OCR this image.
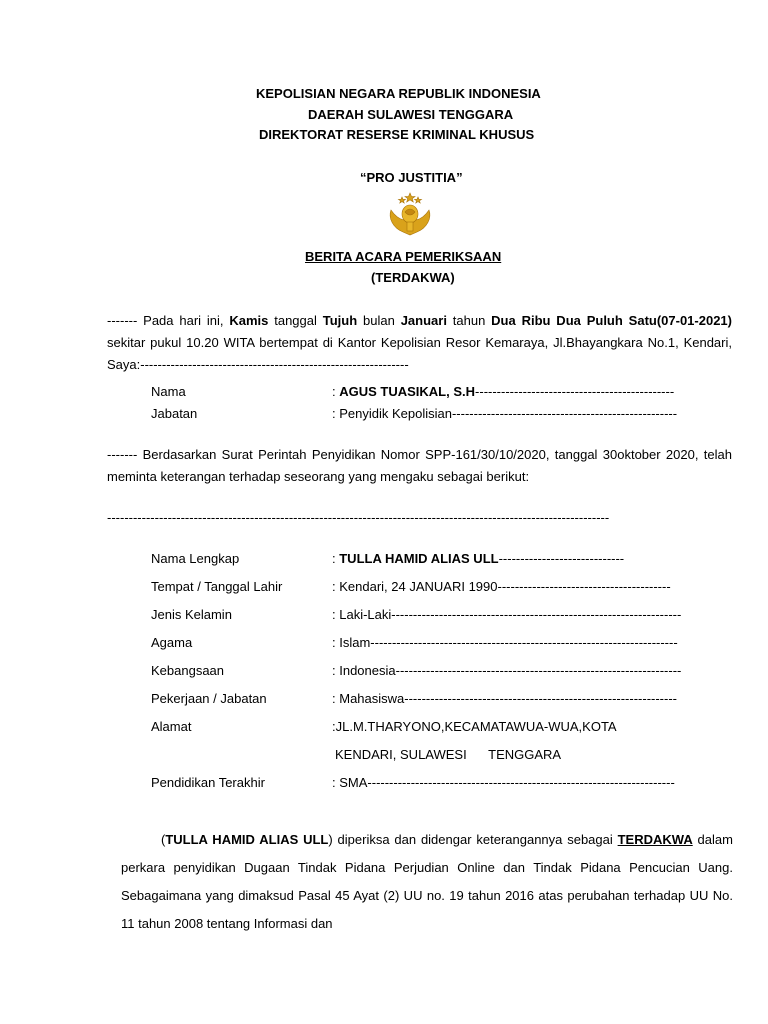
KEPOLISIAN NEGARA REPUBLIK INDONESIA
DAERAH SULAWESI TENGGARA
DIREKTORAT RESERSE KRIMINAL KHUSUS
“PRO JUSTITIA”
BERITA ACARA PEMERIKSAAN
(TERDAKWA)
------- Pada hari ini, Kamis tanggal Tujuh bulan Januari tahun Dua Ribu Dua Puluh Satu(07-01-2021) sekitar pukul 10.20 WITA bertempat di Kantor Kepolisian Resor Kemaraya, Jl.Bhayangkara No.1, Kendari, Saya:--------------------------------------------------------------
Nama	: AGUS TUASIKAL, S.H----------------------------------------------
Jabatan	: Penyidik Kepolisian----------------------------------------------------
------- Berdasarkan Surat Perintah Penyidikan Nomor SPP-161/30/10/2020, tanggal 30oktober 2020, telah meminta keterangan terhadap seseorang yang mengaku sebagai berikut:
--------------------------------------------------------------------------------------------------------------------
Nama Lengkap	: TULLA HAMID ALIAS ULL-----------------------------
Tempat / Tanggal Lahir	: Kendari, 24 JANUARI 1990----------------------------------------
Jenis Kelamin	: Laki-Laki-------------------------------------------------------------------
Agama	: Islam-----------------------------------------------------------------------
Kebangsaan	: Indonesia------------------------------------------------------------------
Pekerjaan / Jabatan	: Mahasiswa---------------------------------------------------------------
Alamat	:JL.M.THARYONO,KECAMATAWUA-WUA,KOTA
KENDARI, SULAWESI      TENGGARA
Pendidikan Terakhir	: SMA-----------------------------------------------------------------------
(TULLA HAMID ALIAS ULL) diperiksa dan didengar keterangannya sebagai TERDAKWA dalam perkara penyidikan Dugaan Tindak Pidana Perjudian Online dan Tindak Pidana Pencucian Uang. Sebagaimana yang dimaksud Pasal 45 Ayat (2) UU no. 19 tahun 2016 atas perubahan terhadap UU No. 11 tahun 2008 tentang Informasi dan
